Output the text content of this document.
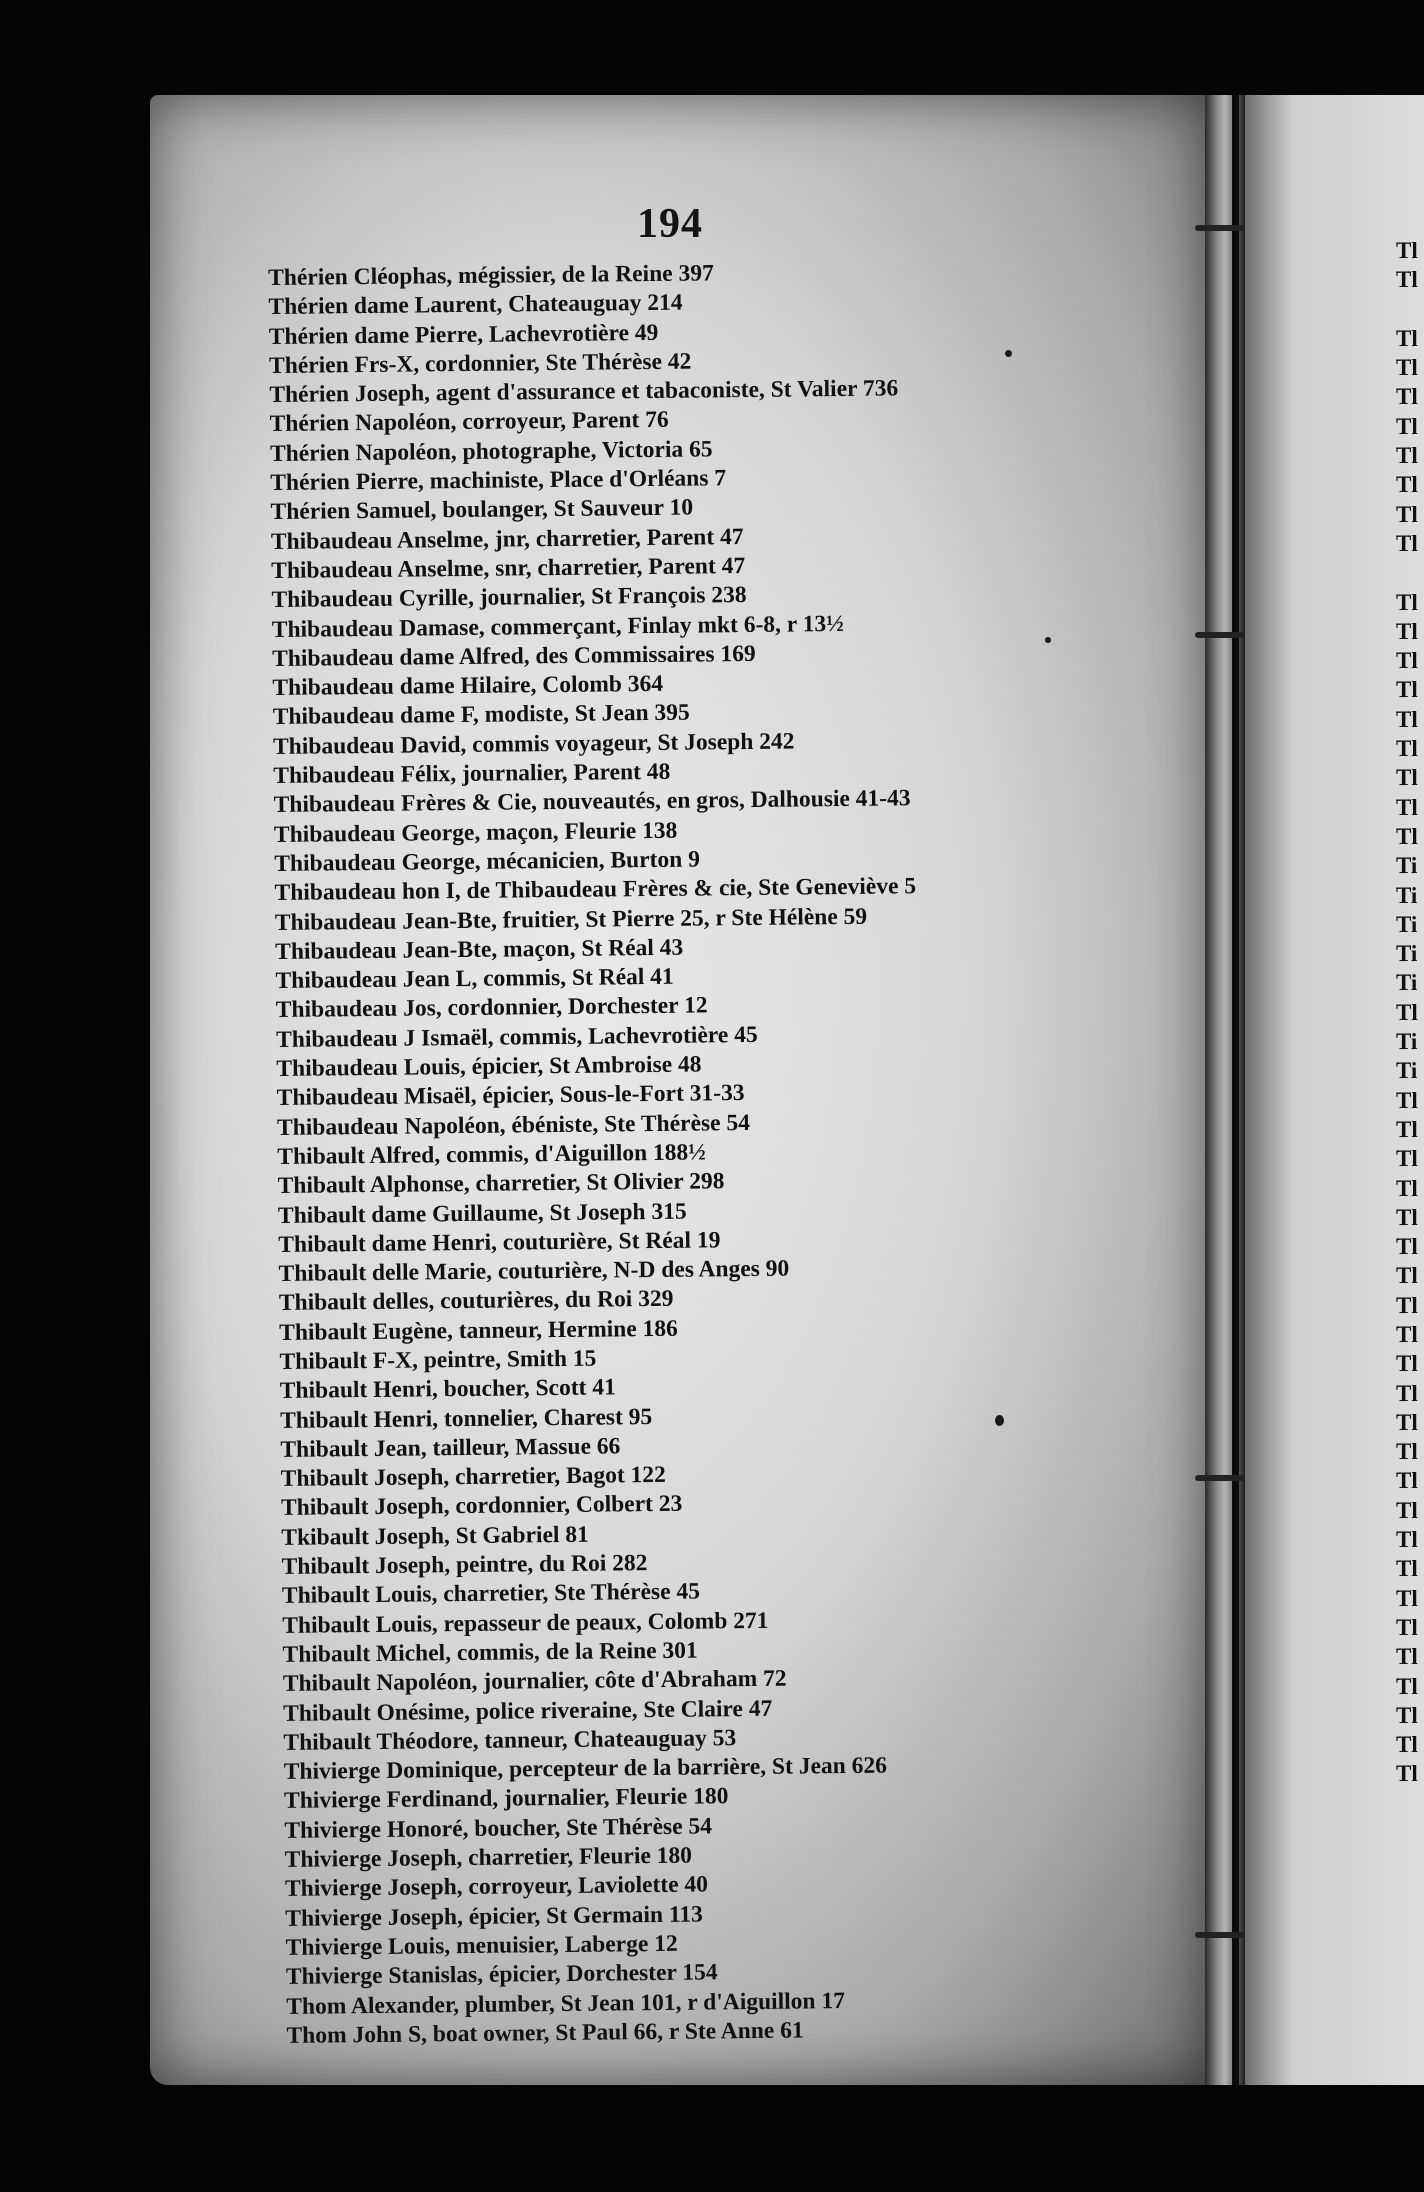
194
Thérien Cléophas, mégissier, de la Reine 397
Thérien dame Laurent, Chateauguay 214
Thérien dame Pierre, Lachevrotière 49
Thérien Frs-X, cordonnier, Ste Thérèse 42
Thérien Joseph, agent d'assurance et tabaconiste, St Valier 736
Thérien Napoléon, corroyeur, Parent 76
Thérien Napoléon, photographe, Victoria 65
Thérien Pierre, machiniste, Place d'Orléans 7
Thérien Samuel, boulanger, St Sauveur 10
Thibaudeau Anselme, jnr, charretier, Parent 47
Thibaudeau Anselme, snr, charretier, Parent 47
Thibaudeau Cyrille, journalier, St François 238
Thibaudeau Damase, commerçant, Finlay mkt 6-8, r 13½
Thibaudeau dame Alfred, des Commissaires 169
Thibaudeau dame Hilaire, Colomb 364
Thibaudeau dame F, modiste, St Jean 395
Thibaudeau David, commis voyageur, St Joseph 242
Thibaudeau Félix, journalier, Parent 48
Thibaudeau Frères & Cie, nouveautés, en gros, Dalhousie 41-43
Thibaudeau George, maçon, Fleurie 138
Thibaudeau George, mécanicien, Burton 9
Thibaudeau hon I, de Thibaudeau Frères & cie, Ste Geneviève 5
Thibaudeau Jean-Bte, fruitier, St Pierre 25, r Ste Hélène 59
Thibaudeau Jean-Bte, maçon, St Réal 43
Thibaudeau Jean L, commis, St Réal 41
Thibaudeau Jos, cordonnier, Dorchester 12
Thibaudeau J Ismaël, commis, Lachevrotière 45
Thibaudeau Louis, épicier, St Ambroise 48
Thibaudeau Misaël, épicier, Sous-le-Fort 31-33
Thibaudeau Napoléon, ébéniste, Ste Thérèse 54
Thibault Alfred, commis, d'Aiguillon 188½
Thibault Alphonse, charretier, St Olivier 298
Thibault dame Guillaume, St Joseph 315
Thibault dame Henri, couturière, St Réal 19
Thibault delle Marie, couturière, N-D des Anges 90
Thibault delles, couturières, du Roi 329
Thibault Eugène, tanneur, Hermine 186
Thibault F-X, peintre, Smith 15
Thibault Henri, boucher, Scott 41
Thibault Henri, tonnelier, Charest 95
Thibault Jean, tailleur, Massue 66
Thibault Joseph, charretier, Bagot 122
Thibault Joseph, cordonnier, Colbert 23
Tkibault Joseph, St Gabriel 81
Thibault Joseph, peintre, du Roi 282
Thibault Louis, charretier, Ste Thérèse 45
Thibault Louis, repasseur de peaux, Colomb 271
Thibault Michel, commis, de la Reine 301
Thibault Napoléon, journalier, côte d'Abraham 72
Thibault Onésime, police riveraine, Ste Claire 47
Thibault Théodore, tanneur, Chateauguay 53
Thivierge Dominique, percepteur de la barrière, St Jean 626
Thivierge Ferdinand, journalier, Fleurie 180
Thivierge Honoré, boucher, Ste Thérèse 54
Thivierge Joseph, charretier, Fleurie 180
Thivierge Joseph, corroyeur, Laviolette 40
Thivierge Joseph, épicier, St Germain 113
Thivierge Louis, menuisier, Laberge 12
Thivierge Stanislas, épicier, Dorchester 154
Thom Alexander, plumber, St Jean 101, r d'Aiguillon 17
Thom John S, boat owner, St Paul 66, r Ste Anne 61
Tl
Tl
Tl
Tl
Tl
Tl
Tl
Tl
Tl
Tl
Tl
Tl
Tl
Tl
Tl
Tl
Tl
Tl
Tl
Ti
Ti
Ti
Ti
Ti
Tl
Ti
Ti
Tl
Tl
Tl
Tl
Tl
Tl
Tl
Tl
Tl
Tl
Tl
Tl
Tl
Tl
Tl
Tl
Tl
Tl
Tl
Tl
Tl
Tl
Tl
Tl
